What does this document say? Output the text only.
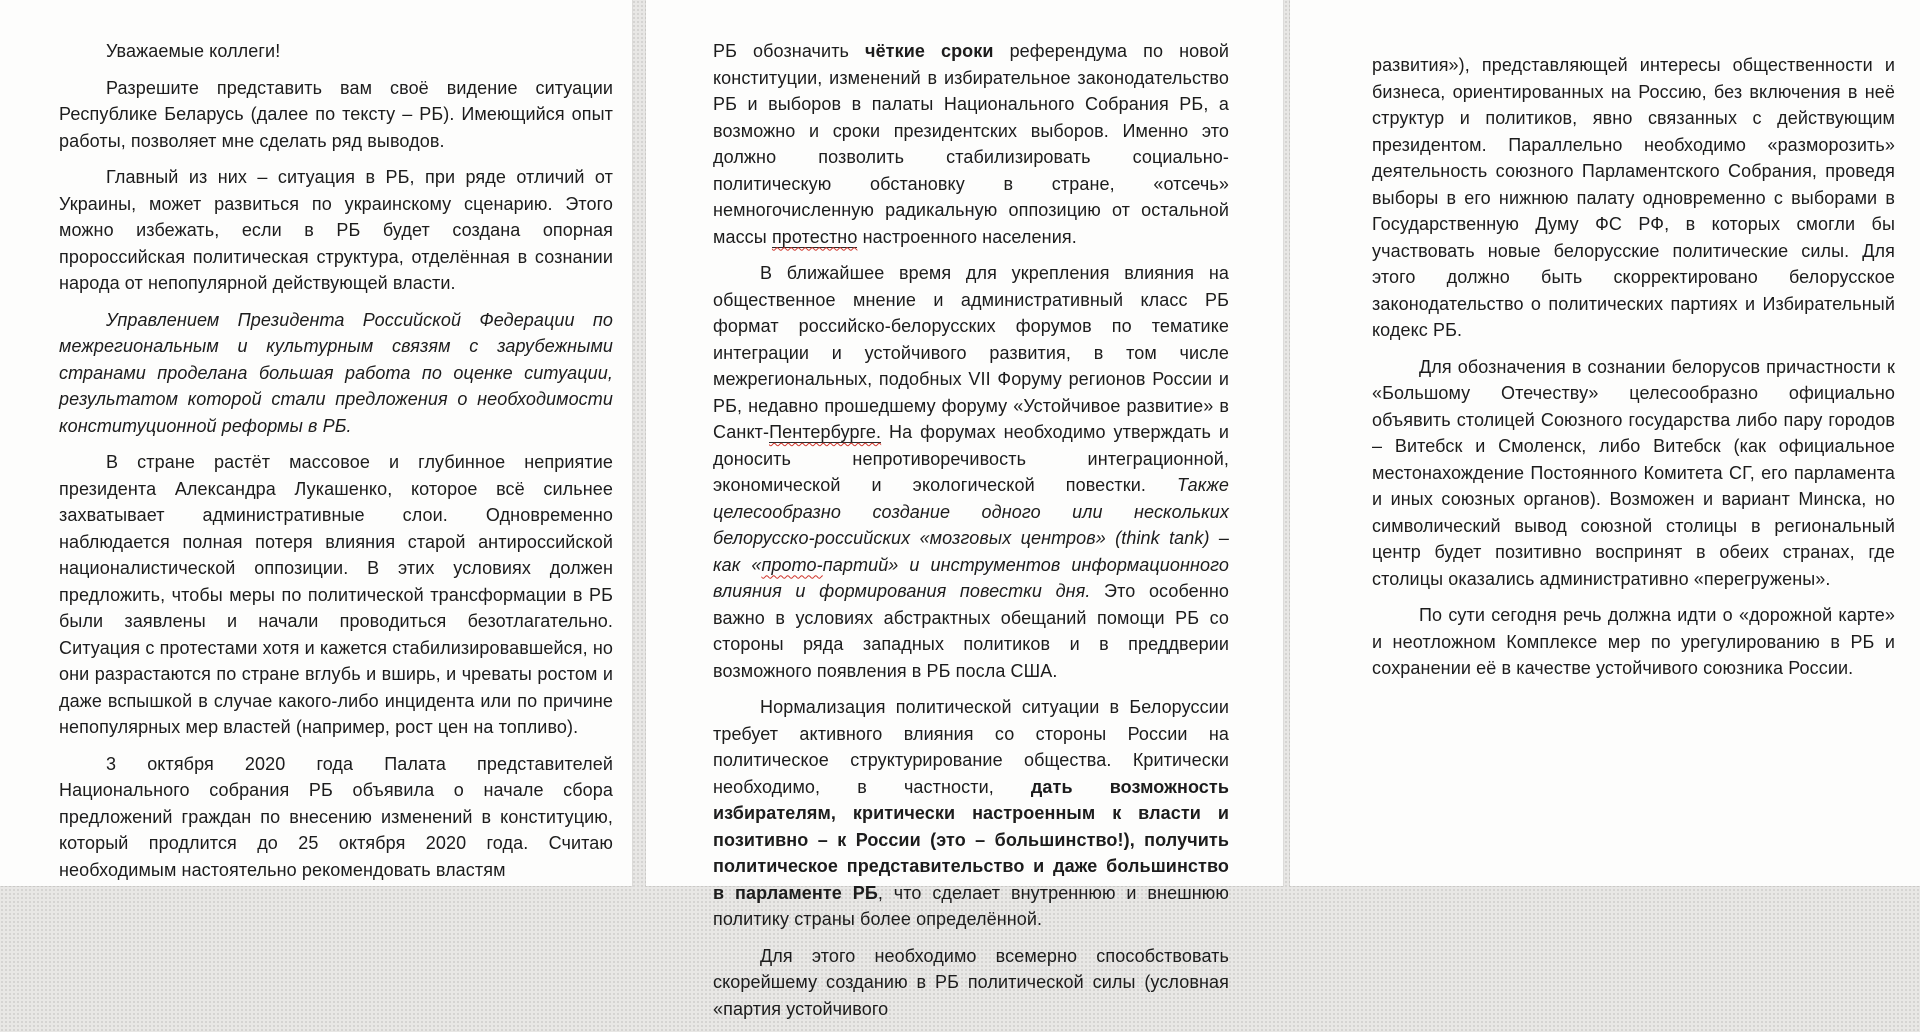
Уважаемые коллеги!

Разрешите представить вам своё видение ситуации Республике Беларусь (далее по тексту – РБ). Имеющийся опыт работы, позволяет мне сделать ряд выводов.

Главный из них – ситуация в РБ, при ряде отличий от Украины, может развиться по украинскому сценарию. Этого можно избежать, если в РБ будет создана опорная пророссийская политическая структура, отделённая в сознании народа от непопулярной действующей власти.

Управлением Президента Российской Федерации по межрегиональным и культурным связям с зарубежными странами проделана большая работа по оценке ситуации, результатом которой стали предложения о необходимости конституционной реформы в РБ.

В стране растёт массовое и глубинное неприятие президента Александра Лукашенко, которое всё сильнее захватывает административные слои. Одновременно наблюдается полная потеря влияния старой антироссийской националистической оппозиции. В этих условиях должен предложить, чтобы меры по политической трансформации в РБ были заявлены и начали проводиться безотлагательно. Ситуация с протестами хотя и кажется стабилизировавшейся, но они разрастаются по стране вглубь и вширь, и чреваты ростом и даже вспышкой в случае какого-либо инцидента или по причине непопулярных мер властей (например, рост цен на топливо).

3 октября 2020 года Палата представителей Национального собрания РБ объявила о начале сбора предложений граждан по внесению изменений в конституцию, который продлится до 25 октября 2020 года. Считаю необходимым настоятельно рекомендовать властям

РБ обозначить чёткие сроки референдума по новой конституции, изменений в избирательное законодательство РБ и выборов в палаты Национального Собрания РБ, а возможно и сроки президентских выборов. Именно это должно позволить стабилизировать социально-политическую обстановку в стране, «отсечь» немногочисленную радикальную оппозицию от остальной массы протестно настроенного населения.

В ближайшее время для укрепления влияния на общественное мнение и административный класс РБ формат российско-белорусских форумов по тематике интеграции и устойчивого развития, в том числе межрегиональных, подобных VII Форуму регионов России и РБ, недавно прошедшему форуму «Устойчивое развитие» в Санкт-Пентербурге. На форумах необходимо утверждать и доносить непротиворечивость интеграционной, экономической и экологической повестки. Также целесообразно создание одного или нескольких белорусско-российских «мозговых центров» (think tank) – как «прото-партий» и инструментов информационного влияния и формирования повестки дня. Это особенно важно в условиях абстрактных обещаний помощи РБ со стороны ряда западных политиков и в преддверии возможного появления в РБ посла США.

Нормализация политической ситуации в Белоруссии требует активного влияния со стороны России на политическое структурирование общества. Критически необходимо, в частности, дать возможность избирателям, критически настроенным к власти и позитивно – к России (это – большинство!), получить политическое представительство и даже большинство в парламенте РБ, что сделает внутреннюю и внешнюю политику страны более определённой.

Для этого необходимо всемерно способствовать скорейшему созданию в РБ политической силы (условная «партия устойчивого

развития»), представляющей интересы общественности и бизнеса, ориентированных на Россию, без включения в неё структур и политиков, явно связанных с действующим президентом. Параллельно необходимо «разморозить» деятельность союзного Парламентского Собрания, проведя выборы в его нижнюю палату одновременно с выборами в Государственную Думу ФС РФ, в которых смогли бы участвовать новые белорусские политические силы. Для этого должно быть скорректировано белорусское законодательство о политических партиях и Избирательный кодекс РБ.

Для обозначения в сознании белорусов причастности к «Большому Отечеству» целесообразно официально объявить столицей Союзного государства либо пару городов – Витебск и Смоленск, либо Витебск (как официальное местонахождение Постоянного Комитета СГ, его парламента и иных союзных органов). Возможен и вариант Минска, но символический вывод союзной столицы в региональный центр будет позитивно воспринят в обеих странах, где столицы оказались административно «перегружены».

По сути сегодня речь должна идти о «дорожной карте» и неотложном Комплексе мер по урегулированию в РБ и сохранении её в качестве устойчивого союзника России.
